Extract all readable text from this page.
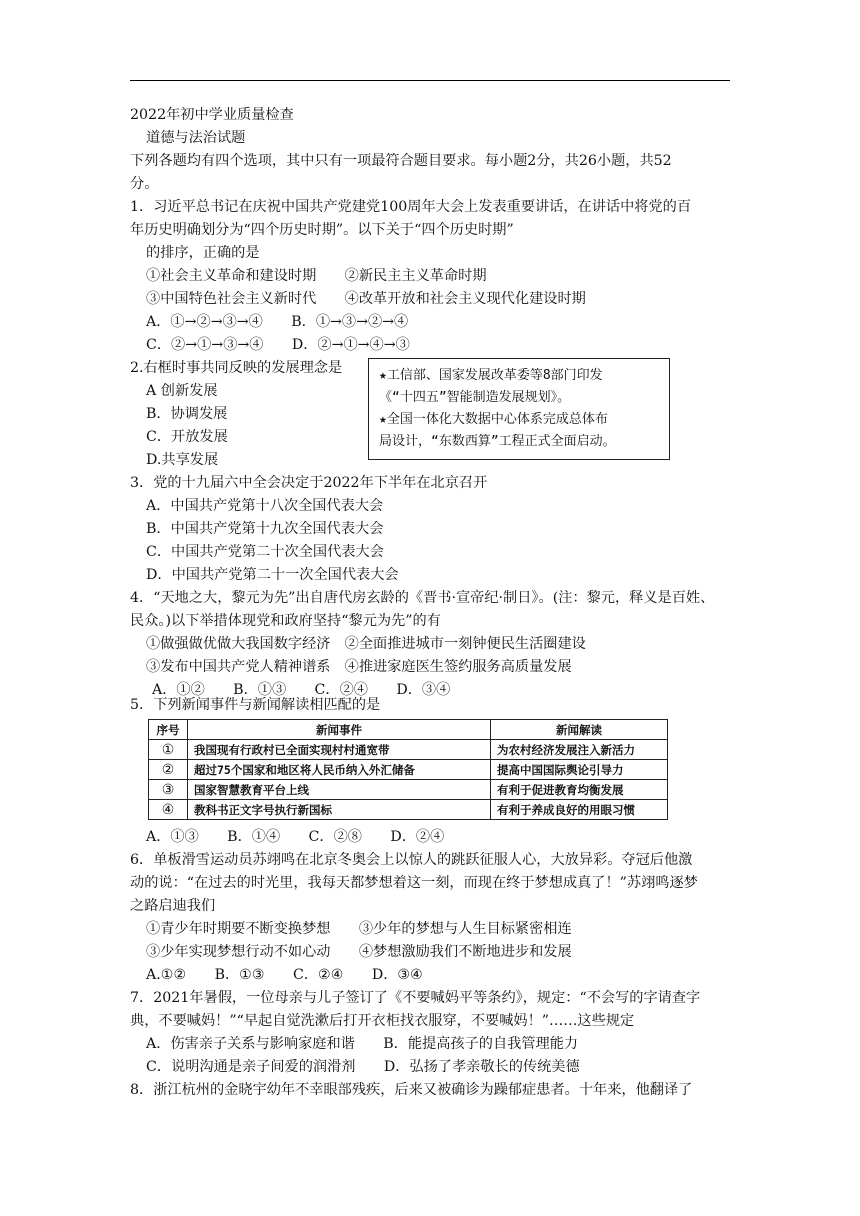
2022年初中学业质量检查
道德与法治试题
下列各题均有四个选项，其中只有一项最符合题目要求。每小题2分，共26小题，共52
分。
1．习近平总书记在庆祝中国共产党建党100周年大会上发表重要讲话，在讲话中将党的百
年历史明确划分为“四个历史时期”。以下关于“四个历史时期”
的排序，正确的是
①社会主义革命和建设时期　　②新民主主义革命时期
③中国特色社会主义新时代　　④改革开放和社会主义现代化建设时期
A．①→②→③→④　　B．①→③→②→④
C．②→①→③→④　　D．②→①→④→③
2.右框时事共同反映的发展理念是
A 创新发展
B．协调发展
C．开放发展
D.共享发展
★工信部、国家发展改革委等8部门印发
《“十四五”智能制造发展规划》。
★全国一体化大数据中心体系完成总体布
局设计，“东数西算”工程正式全面启动。
3．党的十九届六中全会决定于2022年下半年在北京召开
A．中国共产党第十八次全国代表大会
B．中国共产党第十九次全国代表大会
C．中国共产党第二十次全国代表大会
D．中国共产党第二十一次全国代表大会
4．“天地之大，黎元为先”出自唐代房玄龄的《晋书·宣帝纪·制日》。(注：黎元，释义是百姓、
民众。)以下举措体现党和政府坚持“黎元为先”的有
①做强做优做大我国数字经济　②全面推进城市一刻钟便民生活圈建设
③发布中国共产党人精神谱系　④推进家庭医生签约服务高质量发展
A．①②　　B．①③　　C．②④　　D．③④
5．下列新闻事件与新闻解读相匹配的是
序号	新闻事件	新闻解读
①	我国现有行政村已全面实现村村通宽带	为农村经济发展注入新活力
②	超过75个国家和地区将人民币纳入外汇储备	提高中国国际舆论引导力
③	国家智慧教育平台上线	有利于促进教育均衡发展
④	教科书正文字号执行新国标	有利于养成良好的用眼习惯
A．①③　　B．①④　　C．②⑧　　D．②④
6．单板滑雪运动员苏翊鸣在北京冬奥会上以惊人的跳跃征服人心，大放异彩。夺冠后他激
动的说：“在过去的时光里，我每天都梦想着这一刻，而现在终于梦想成真了！”苏翊鸣逐梦
之路启迪我们
①青少年时期要不断变换梦想　　③少年的梦想与人生目标紧密相连
③少年实现梦想行动不如心动　　④梦想激励我们不断地进步和发展
A.①②　　B．①③　　C．②④　　D．③④
7．2021年暑假，一位母亲与儿子签订了《不要喊妈平等条约》，规定：“不会写的字请查字
典，不要喊妈！”“早起自觉洗漱后打开衣柜找衣服穿，不要喊妈！”……这些规定
A．伤害亲子关系与影响家庭和谐　　B．能提高孩子的自我管理能力
C．说明沟通是亲子间爱的润滑剂　　D．弘扬了孝亲敬长的传统美德
8．浙江杭州的金晓宇幼年不幸眼部残疾，后来又被确诊为躁郁症患者。十年来，他翻译了
